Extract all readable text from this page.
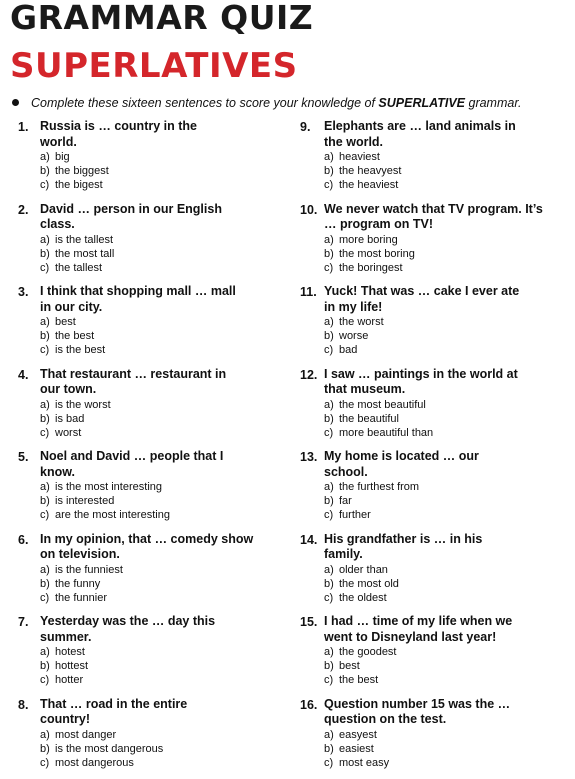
GRAMMAR QUIZ
SUPERLATIVES
Complete these sixteen sentences to score your knowledge of SUPERLATIVE grammar.
1. Russia is … country in the
world.
a) big
b) the biggest
c) the bigest
2. David … person in our English
class.
a) is the tallest
b) the most tall
c) the tallest
3. I think that shopping mall … mall
in our city.
a) best
b) the best
c) is the best
4. That restaurant … restaurant in
our town.
a) is the worst
b) is bad
c) worst
5. Noel and David … people that I
know.
a) is the most interesting
b) is interested
c) are the most interesting
6. In my opinion, that … comedy show
on television.
a) is the funniest
b) the funny
c) the funnier
7. Yesterday was the … day this
summer.
a) hotest
b) hottest
c) hotter
8. That … road in the entire
country!
a) most danger
b) is the most dangerous
c) most dangerous
9. Elephants are … land animals in
the world.
a) heaviest
b) the heavyest
c) the heaviest
10. We never watch that TV program. It’s
… program on TV!
a) more boring
b) the most boring
c) the boringest
11. Yuck! That was … cake I ever ate
in my life!
a) the worst
b) worse
c) bad
12. I saw … paintings in the world at
that museum.
a) the most beautiful
b) the beautiful
c) more beautiful than
13. My home is located … our
school.
a) the furthest from
b) far
c) further
14. His grandfather is … in his
family.
a) older than
b) the most old
c) the oldest
15. I had … time of my life when we
went to Disneyland last year!
a) the goodest
b) best
c) the best
16. Question number 15 was the …
question on the test.
a) easyest
b) easiest
c) most easy
